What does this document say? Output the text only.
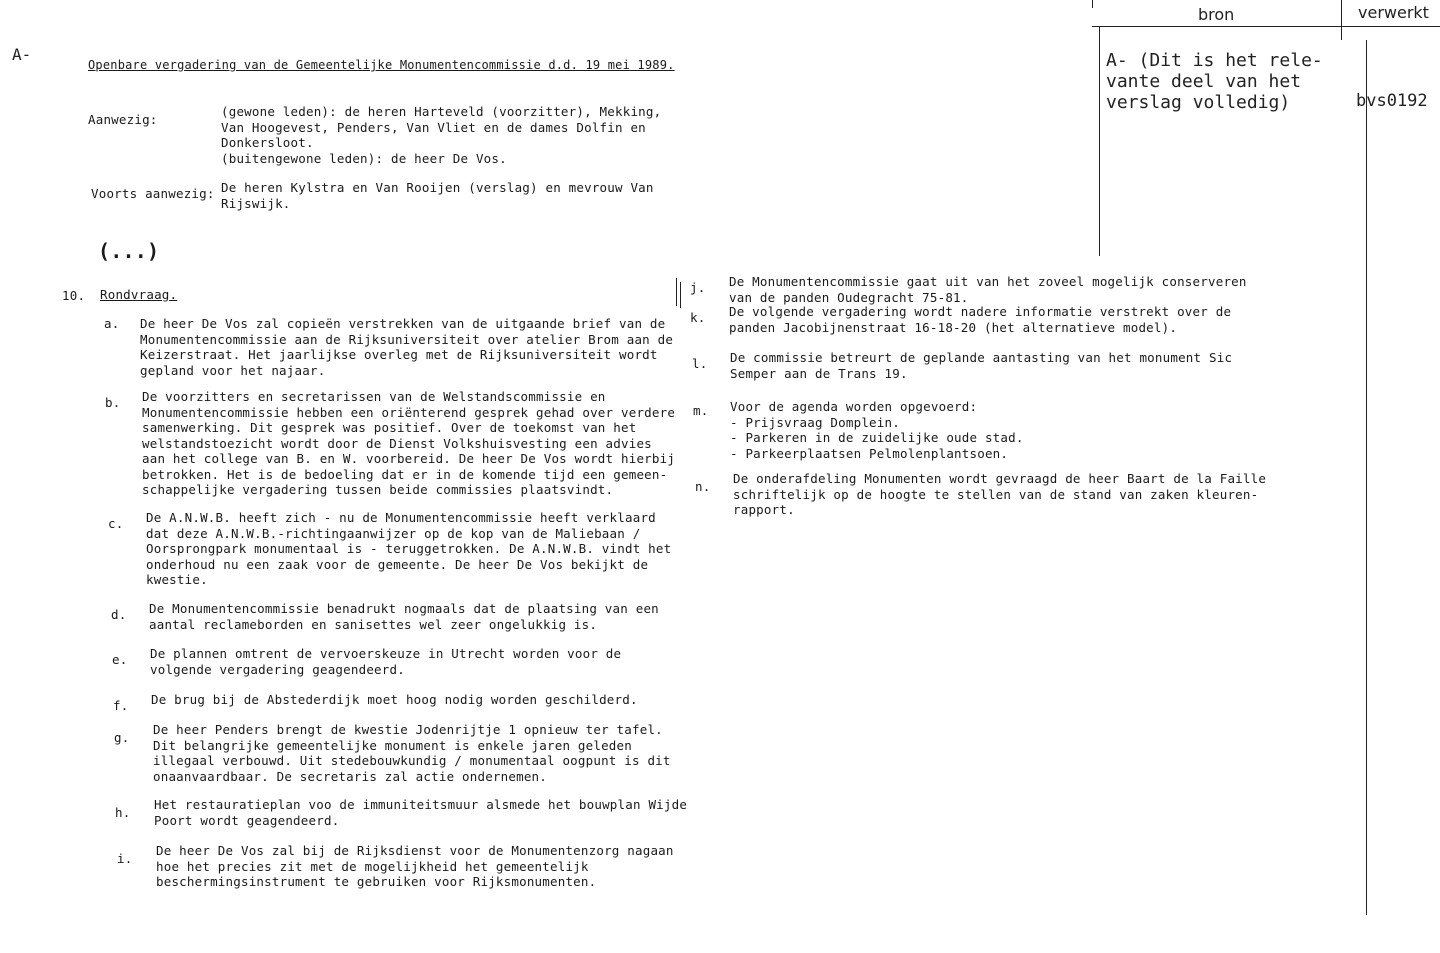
bron	verwerkt
A- (Dit is het rele-
vante deel van het
verslag volledig)	bvs0192
A-
Openbare vergadering van de Gemeentelijke Monumentencommissie d.d. 19 mei 1989.
Aanwezig:
(gewone leden): de heren Harteveld (voorzitter), Mekking,
Van Hoogevest, Penders, Van Vliet en de dames Dolfin en
Donkersloot.
(buitengewone leden): de heer De Vos.
Voorts aanwezig: De heren Kylstra en Van Rooijen (verslag) en mevrouw Van
Rijswijk.
(...)
10. Rondvraag.
a. De heer De Vos zal copieën verstrekken van de uitgaande brief van de
Monumentencommissie aan de Rijksuniversiteit over atelier Brom aan de
Keizerstraat. Het jaarlijkse overleg met de Rijksuniversiteit wordt
gepland voor het najaar.
b. De voorzitters en secretarissen van de Welstandscommissie en
Monumentencommissie hebben een oriënterend gesprek gehad over verdere
samenwerking. Dit gesprek was positief. Over de toekomst van het
welstandstoezicht wordt door de Dienst Volkshuisvesting een advies
aan het college van B. en W. voorbereid. De heer De Vos wordt hierbij
betrokken. Het is de bedoeling dat er in de komende tijd een gemeen-
schappelijke vergadering tussen beide commissies plaatsvindt.
c. De A.N.W.B. heeft zich - nu de Monumentencommissie heeft verklaard
dat deze A.N.W.B.-richtingaanwijzer op de kop van de Maliebaan /
Oorsprongpark monumentaal is - teruggetrokken. De A.N.W.B. vindt het
onderhoud nu een zaak voor de gemeente. De heer De Vos bekijkt de
kwestie.
d. De Monumentencommissie benadrukt nogmaals dat de plaatsing van een
aantal reclameborden en sanisettes wel zeer ongelukkig is.
e. De plannen omtrent de vervoerskeuze in Utrecht worden voor de
volgende vergadering geagendeerd.
f. De brug bij de Abstederdijk moet hoog nodig worden geschilderd.
g.
De heer Penders brengt de kwestie Jodenrijtje 1 opnieuw ter tafel.
Dit belangrijke gemeentelijke monument is enkele jaren geleden
illegaal verbouwd. Uit stedebouwkundig / monumentaal oogpunt is dit
onaanvaardbaar. De secretaris zal actie ondernemen.
h.
Het restauratieplan voo de immuniteitsmuur alsmede het bouwplan Wijde
Poort wordt geagendeerd.
i.
De heer De Vos zal bij de Rijksdienst voor de Monumentenzorg nagaan
hoe het precies zit met de mogelijkheid het gemeentelijk
beschermingsinstrument te gebruiken voor Rijksmonumenten.
j. De Monumentencommissie gaat uit van het zoveel mogelijk conserveren
van de panden Oudegracht 75-81.
k. De volgende vergadering wordt nadere informatie verstrekt over de
panden Jacobijnenstraat 16-18-20 (het alternatieve model).
l. De commissie betreurt de geplande aantasting van het monument Sic
Semper aan de Trans 19.
m. Voor de agenda worden opgevoerd:
- Prijsvraag Domplein.
- Parkeren in de zuidelijke oude stad.
- Parkeerplaatsen Pelmolenplantsoen.
n.
De onderafdeling Monumenten wordt gevraagd de heer Baart de la Faille
schriftelijk op de hoogte te stellen van de stand van zaken kleuren-
rapport.
